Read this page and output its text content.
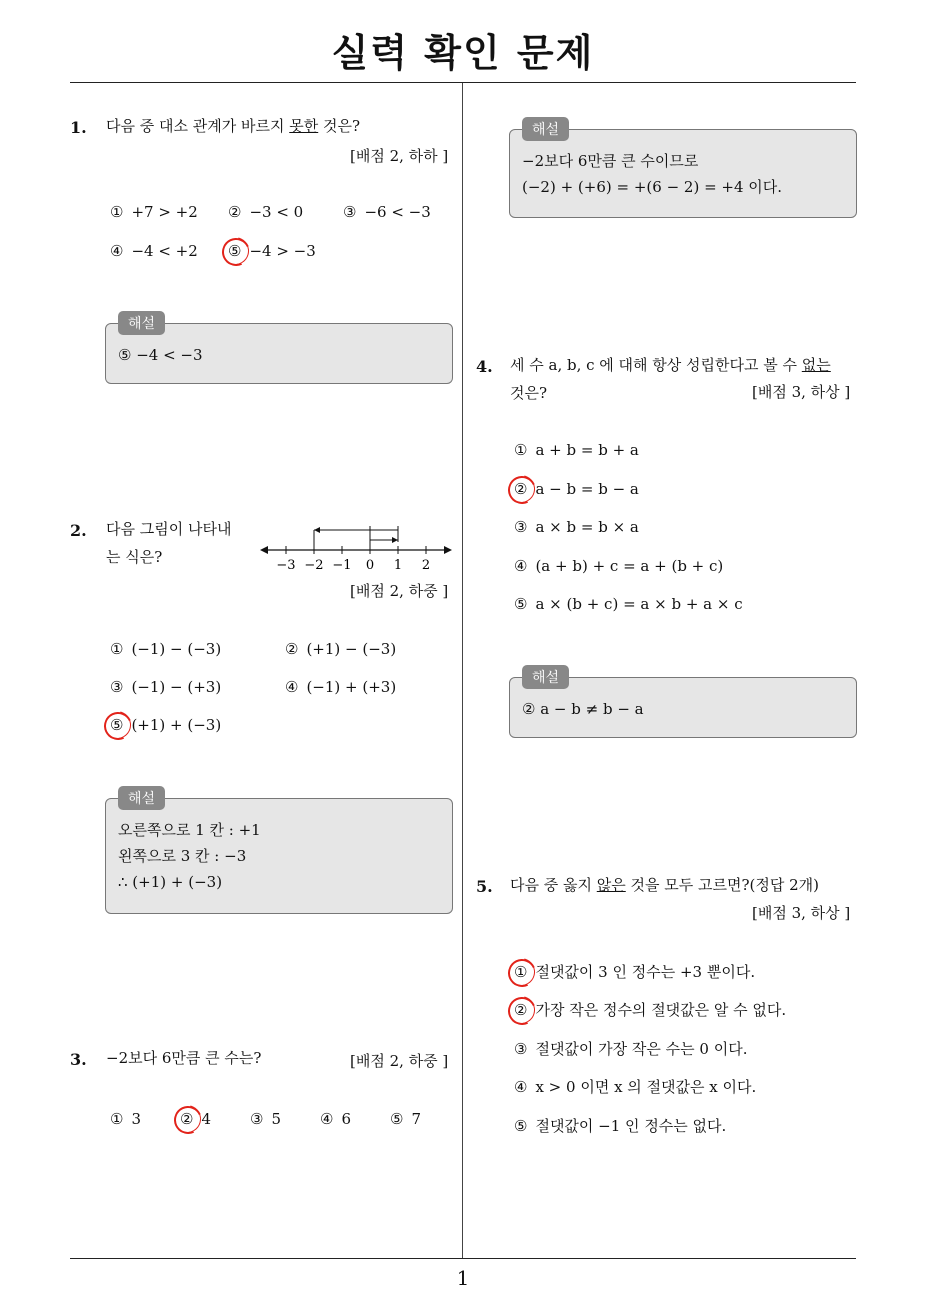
실력 확인 문제
1. 다음 중 대소 관계가 바르지 못한 것은?
[배점 2, 하하 ]
① +7 > +2 ② −3 < 0	③ −6 < −3
④ −4 < +2 ⑤ −4 > −3
해설
⑤ −4 < −3
2. 다음 그림이 나타내
는 식은?	−3 −2 −1 0 1 2
[배점 2, 하중 ]
① (−1) − (−3)	② (+1) − (−3)
③ (−1) − (+3)	④ (−1) + (+3)
⑤ (+1) + (−3)
해설
오른쪽으로 1 칸 : +1
왼쪽으로 3 칸 : −3
∴ (+1) + (−3)
3. −2보다 6만큼 큰 수는?	[배점 2, 하중 ]
① 3	② 4	③ 5	④ 6	⑤ 7
해설
−2보다 6만큼 큰 수이므로
(−2) + (+6) = +(6 − 2) = +4 이다.
4. 세 수 a, b, c 에 대해 항상 성립한다고 볼 수 없는
것은?	[배점 3, 하상 ]
① a + b = b + a
② a − b = b − a
③ a × b = b × a
④ (a + b) + c = a + (b + c)
⑤ a × (b + c) = a × b + a × c
해설
② a − b ≠ b − a
5. 다음 중 옳지 않은 것을 모두 고르면?(정답 2개)
[배점 3, 하상 ]
① 절댓값이 3 인 정수는 +3 뿐이다.
② 가장 작은 정수의 절댓값은 알 수 없다.
③ 절댓값이 가장 작은 수는 0 이다.
④ x > 0 이면 x 의 절댓값은 x 이다.
⑤ 절댓값이 −1 인 정수는 없다.
1
